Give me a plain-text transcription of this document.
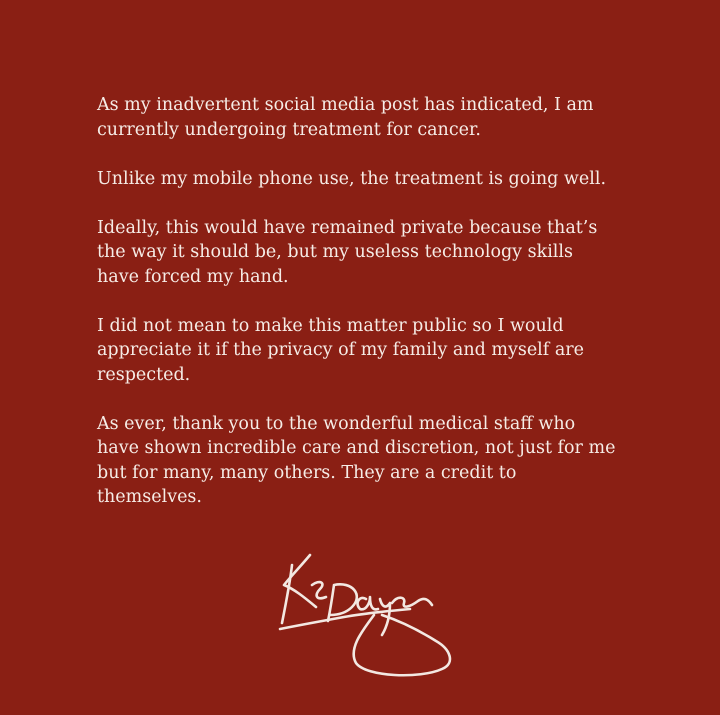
As my inadvertent social media post has indicated, I am
currently undergoing treatment for cancer.

Unlike my mobile phone use, the treatment is going well.

Ideally, this would have remained private because that’s
the way it should be, but my useless technology skills
have forced my hand.

I did not mean to make this matter public so I would
appreciate it if the privacy of my family and myself are
respected.

As ever, thank you to the wonderful medical staff who
have shown incredible care and discretion, not just for me
but for many, many others. They are a credit to
themselves.
